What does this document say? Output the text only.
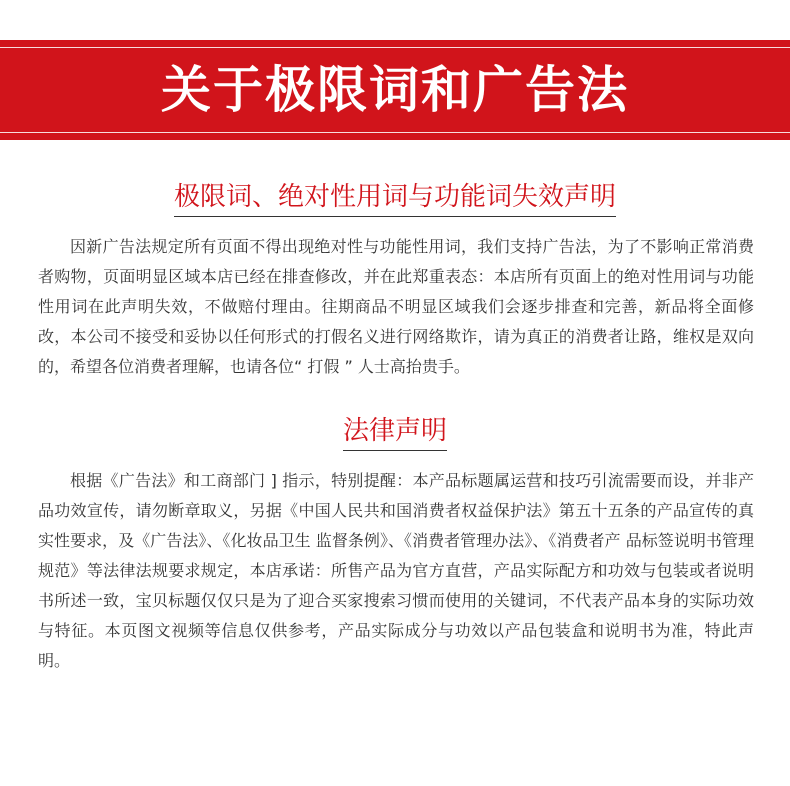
关于极限词和广告法
极限词、绝对性用词与功能词失效声明
因新广告法规定所有页面不得出现绝对性与功能性用词，我们支持广告法，为了不影响正常消费者购物，页面明显区域本店已经在排查修改，并在此郑重表态：本店所有页面上的绝对性用词与功能性用词在此声明失效，不做赔付理由。往期商品不明显区域我们会逐步排查和完善，新品将全面修改，本公司不接受和妥协以任何形式的打假名义进行网络欺诈，请为真正的消费者让路，维权是双向的，希望各位消费者理解，也请各位“ 打假 ” 人士高抬贵手。
法律声明
根据《广告法》和工商部门 ] 指示，特别提醒：本产品标题属运营和技巧引流需要而设，并非产品功效宣传，请勿断章取义，另据《中国人民共和国消费者权益保护法》第五十五条的产品宣传的真实性要求，及《广告法》、《化妆品卫生 监督条例》、《消费者管理办法》、《消费者产 品标签说明书管理规范》等法律法规要求规定，本店承诺：所售产品为官方直营，产品实际配方和功效与包装或者说明书所述一致，宝贝标题仅仅只是为了迎合买家搜索习惯而使用的关键词，不代表产品本身的实际功效与特征。本页图文视频等信息仅供参考，产品实际成分与功效以产品包装盒和说明书为准，特此声明。
